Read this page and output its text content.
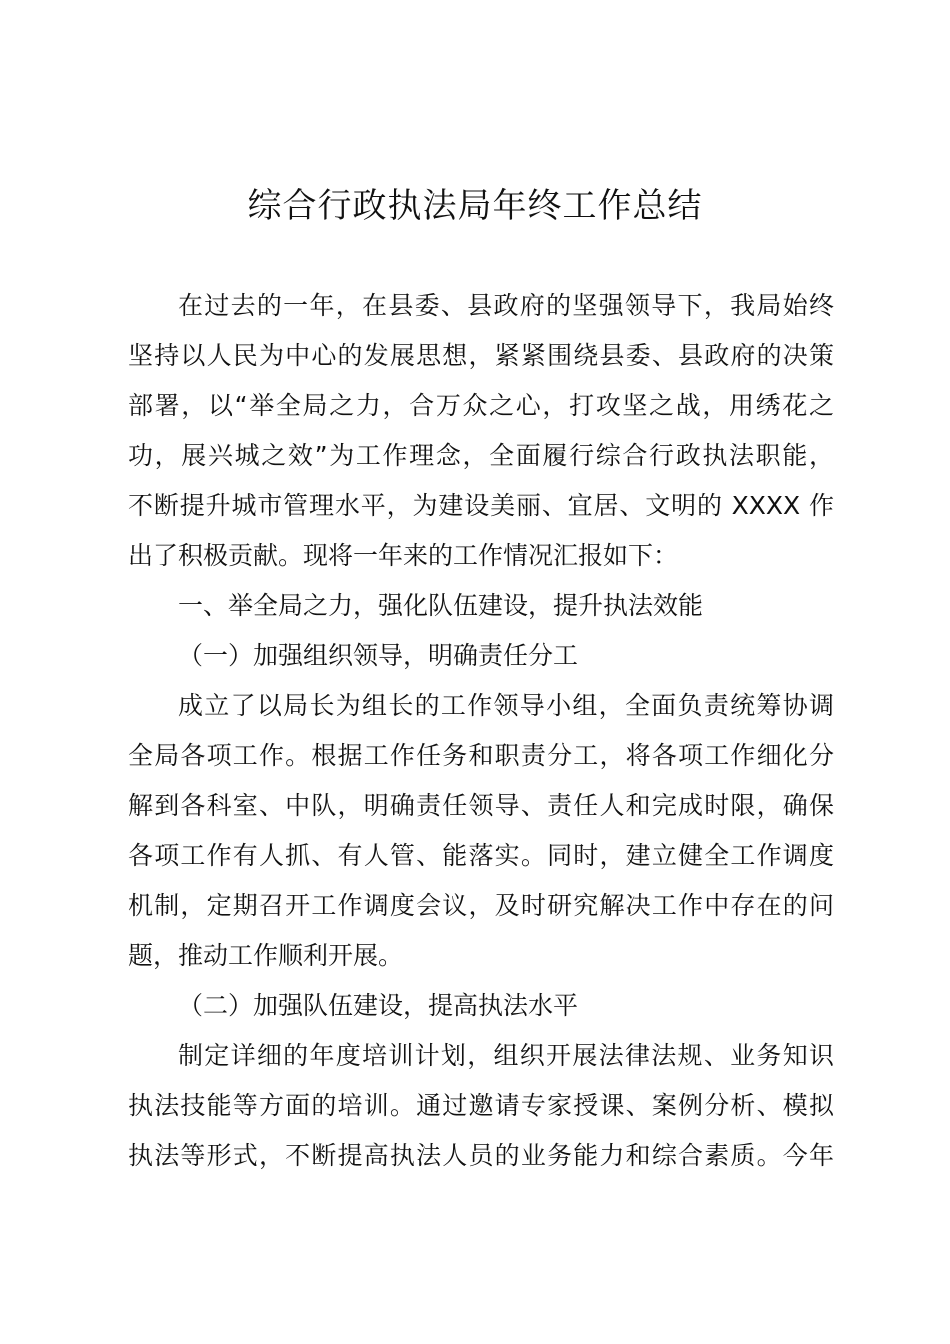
综合行政执法局年终工作总结
在过去的一年，在县委、县政府的坚强领导下，我局始终
坚持以人民为中心的发展思想，紧紧围绕县委、县政府的决策
部署，以“举全局之力，合万众之心，打攻坚之战，用绣花之
功，展兴城之效”为工作理念，全面履行综合行政执法职能，
不断提升城市管理水平，为建设美丽、宜居、文明的 XXXX 作
出了积极贡献。现将一年来的工作情况汇报如下：
一、举全局之力，强化队伍建设，提升执法效能
（一）加强组织领导，明确责任分工
成立了以局长为组长的工作领导小组，全面负责统筹协调
全局各项工作。根据工作任务和职责分工，将各项工作细化分
解到各科室、中队，明确责任领导、责任人和完成时限，确保
各项工作有人抓、有人管、能落实。同时，建立健全工作调度
机制，定期召开工作调度会议，及时研究解决工作中存在的问
题，推动工作顺利开展。
（二）加强队伍建设，提高执法水平
制定详细的年度培训计划，组织开展法律法规、业务知识
执法技能等方面的培训。通过邀请专家授课、案例分析、模拟
执法等形式，不断提高执法人员的业务能力和综合素质。今年
